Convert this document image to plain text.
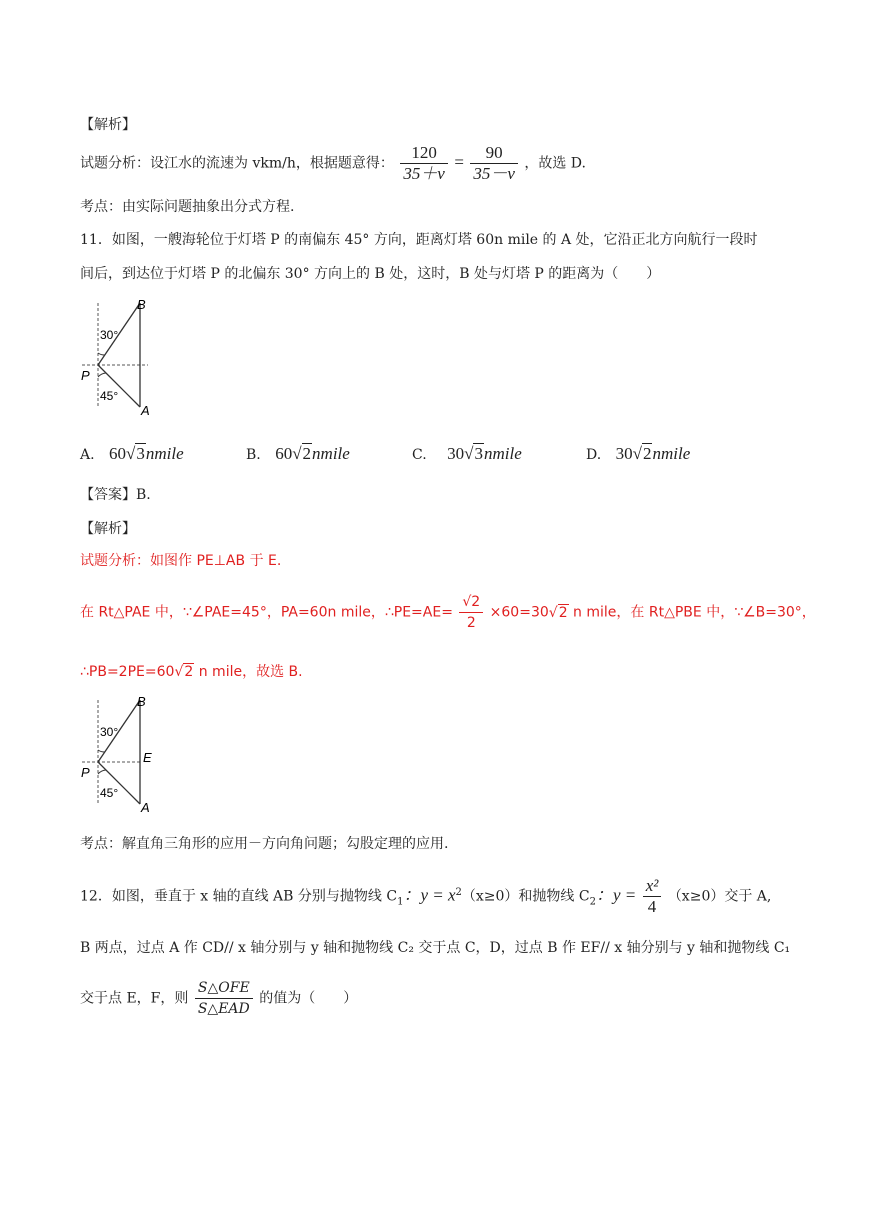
【解析】
试题分析：设江水的流速为 vkm/h，根据题意得： $\frac{120}{35+v} = \frac{90}{35-v}$ ，故选 D.
考点：由实际问题抽象出分式方程.
11．如图，一艘海轮位于灯塔 P 的南偏东 45° 方向，距离灯塔 60n mile 的 A 处，它沿正北方向航行一段时
间后，到达位于灯塔 P 的北偏东 30° 方向上的 B 处，这时，B 处与灯塔 P 的距离为（　　）
B
P
A
30°
45°
A. 60√3nmile	B. 60√2nmile	C. 30√3nmile	D. 30√2nmile
【答案】B.
【解析】
试题分析：如图作 PE⊥AB 于 E.
在 Rt△PAE 中，∵∠PAE=45°，PA=60n mile，∴PE=AE= $\frac{√2}{2} \times 60=30√2$ n mile，在 Rt△PBE 中，∵∠B=30°，
∴PB=2PE=60√2 n mile，故选 B.
B
P
A
E
30°
45°
考点：解直角三角形的应用－方向角问题；勾股定理的应用.
12．如图，垂直于 x 轴的直线 AB 分别与抛物线 $C_1$：$y = x^2(x\ge 0)$和抛物线 $C_2$：$y = \frac{\text{x²}}{4} (x\ge 0)$交于 A,
B 两点，过点 A 作 CD// x 轴分别与 y 轴和抛物线 C₂ 交于点 C，D，过点 B 作 EF// x 轴分别与 y 轴和抛物线 C₁
交于点 E，F，则 $\frac{\text{S△OFE}}{\text{S△EAD}}$ 的值为（　　）
